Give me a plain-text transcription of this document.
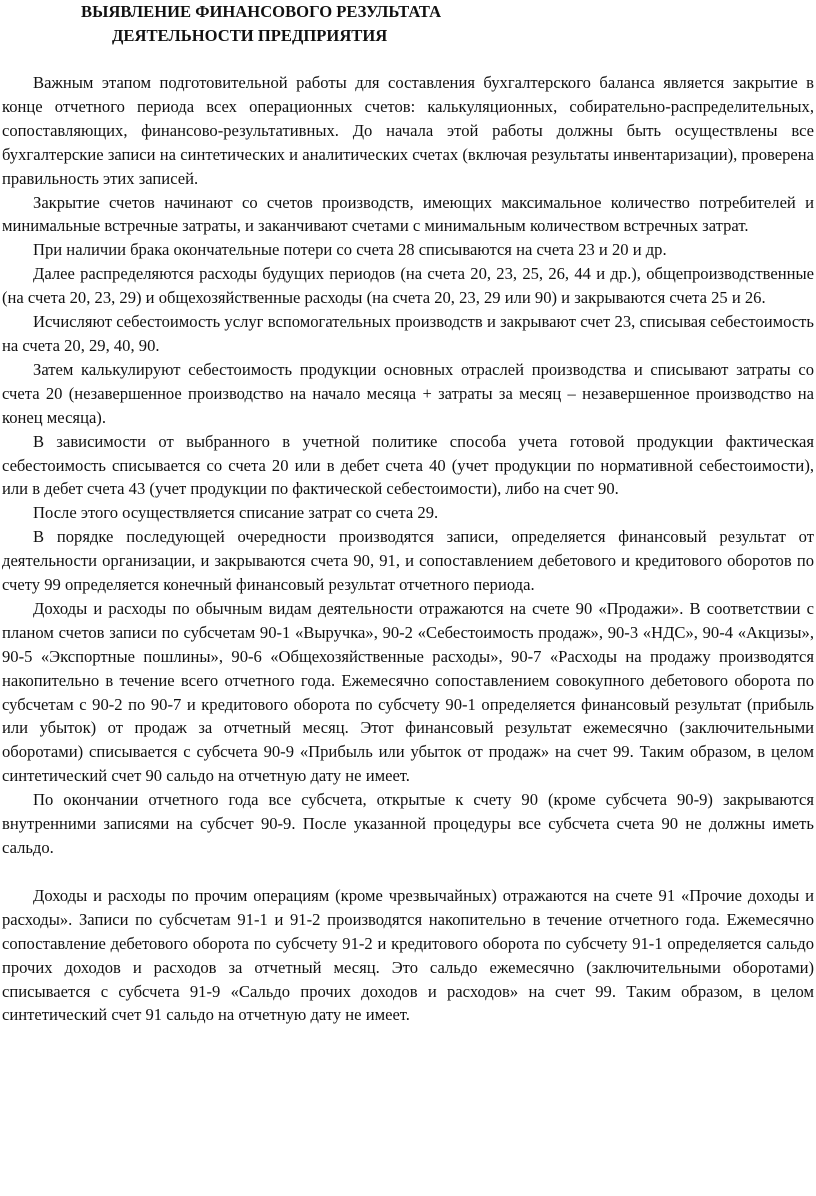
ВЫЯВЛЕНИЕ ФИНАНСОВОГО РЕЗУЛЬТАТА
ДЕЯТЕЛЬНОСТИ ПРЕДПРИЯТИЯ

Важным этапом подготовительной работы для составления бухгалтерского баланса является закрытие в конце отчетного периода всех операционных счетов: калькуляционных, собирательно-распределительных, сопоставляющих, финансово-результативных. До начала этой работы должны быть осуществлены все бухгалтерские записи на синтетических и аналитических счетах (включая результаты инвентаризации), проверена правильность этих записей.

Закрытие счетов начинают со счетов производств, имеющих максимальное количество потребителей и минимальные встречные затраты, и заканчивают счетами с минимальным количеством встречных затрат.

При наличии брака окончательные потери со счета 28 списываются на счета 23 и 20 и др.

Далее распределяются расходы будущих периодов (на счета 20, 23, 25, 26, 44 и др.), общепроизводственные (на счета 20, 23, 29) и общехозяйственные расходы (на счета 20, 23, 29 или 90) и закрываются счета 25 и 26.

Исчисляют себестоимость услуг вспомогательных производств и закрывают счет 23, списывая себестоимость на счета 20, 29, 40, 90.

Затем калькулируют себестоимость продукции основных отраслей производства и списывают затраты со счета 20 (незавершенное производство на начало месяца + затраты за месяц – незавершенное производство на конец месяца).

В зависимости от выбранного в учетной политике способа учета готовой продукции фактическая себестоимость списывается со счета 20 или в дебет счета 40 (учет продукции по нормативной себестоимости), или в дебет счета 43 (учет продукции по фактической себестоимости), либо на счет 90.

После этого осуществляется списание затрат со счета 29.

В порядке последующей очередности производятся записи, определяется финансовый результат от деятельности организации, и закрываются счета 90, 91, и сопоставлением дебетового и кредитового оборотов по счету 99 определяется конечный финансовый результат отчетного периода.

Доходы и расходы по обычным видам деятельности отражаются на счете 90 «Продажи». В соответствии с планом счетов записи по субсчетам 90-1 «Выручка», 90-2 «Себестоимость продаж», 90-3 «НДС», 90-4 «Акцизы», 90-5 «Экспортные пошлины», 90-6 «Общехозяйственные расходы», 90-7 «Расходы на продажу производятся накопительно в течение всего отчетного года. Ежемесячно сопоставлением совокупного дебетового оборота по субсчетам с 90-2 по 90-7 и кредитового оборота по субсчету 90-1 определяется финансовый результат (прибыль или убыток) от продаж за отчетный месяц. Этот финансовый результат ежемесячно (заключительными оборотами) списывается с субсчета 90-9 «Прибыль или убыток от продаж» на счет 99. Таким образом, в целом синтетический счет 90 сальдо на отчетную дату не имеет.

По окончании отчетного года все субсчета, открытые к счету 90 (кроме субсчета 90-9) закрываются внутренними записями на субсчет 90-9. После указанной процедуры все субсчета счета 90 не должны иметь сальдо.

Доходы и расходы по прочим операциям (кроме чрезвычайных) отражаются на счете 91 «Прочие доходы и расходы». Записи по субсчетам 91-1 и 91-2 производятся накопительно в течение отчетного года. Ежемесячно сопоставление дебетового оборота по субсчету 91-2 и кредитового оборота по субсчету 91-1 определяется сальдо прочих доходов и расходов за отчетный месяц. Это сальдо ежемесячно (заключительными оборотами) списывается с субсчета 91-9 «Сальдо прочих доходов и расходов» на счет 99. Таким образом, в целом синтетический счет 91 сальдо на отчетную дату не имеет.
